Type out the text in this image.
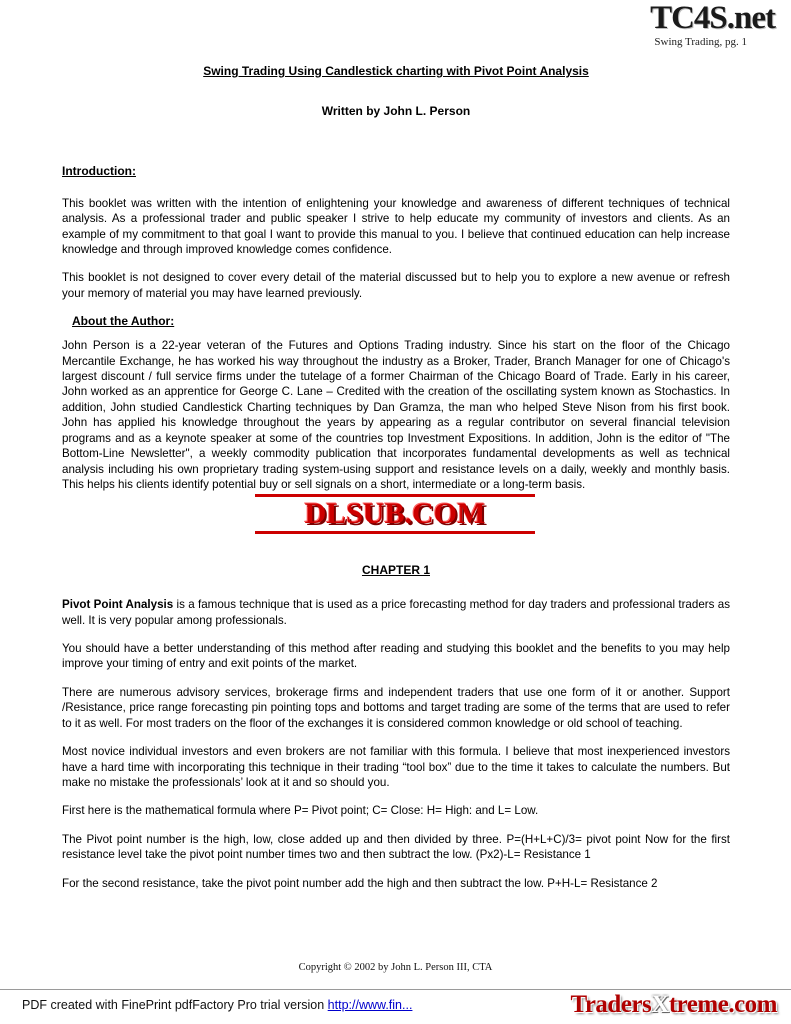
TC4S.net
Swing Trading, pg. 1
Swing Trading Using Candlestick charting with Pivot Point Analysis
Written by John L. Person
Introduction:

This booklet was written with the intention of enlightening your knowledge and awareness of different techniques of technical analysis. As a professional trader and public speaker I strive to help educate my community of investors and clients. As an example of my commitment to that goal I want to provide this manual to you. I believe that continued education can help increase knowledge and through improved knowledge comes confidence.

This booklet is not designed to cover every detail of the material discussed but to help you to explore a new avenue or refresh your memory of material you may have learned previously.

About the Author:

John Person is a 22-year veteran of the Futures and Options Trading industry. Since his start on the floor of the Chicago Mercantile Exchange, he has worked his way throughout the industry as a Broker, Trader, Branch Manager for one of Chicago's largest discount / full service firms under the tutelage of a former Chairman of the Chicago Board of Trade. Early in his career, John worked as an apprentice for George C. Lane – Credited with the creation of the oscillating system known as Stochastics. In addition, John studied Candlestick Charting techniques by Dan Gramza, the man who helped Steve Nison from his first book. John has applied his knowledge throughout the years by appearing as a regular contributor on several financial television programs and as a keynote speaker at some of the countries top Investment Expositions. In addition, John is the editor of "The Bottom-Line Newsletter", a weekly commodity publication that incorporates fundamental developments as well as technical analysis including his own proprietary trading system-using support and resistance levels on a daily, weekly and monthly basis. This helps his clients identify potential buy or sell signals on a short, intermediate or a long-term basis.

CHAPTER 1

Pivot Point Analysis is a famous technique that is used as a price forecasting method for day traders and professional traders as well. It is very popular among professionals.

You should have a better understanding of this method after reading and studying this booklet and the benefits to you may help improve your timing of entry and exit points of the market.

There are numerous advisory services, brokerage firms and independent traders that use one form of it or another. Support /Resistance, price range forecasting pin pointing tops and bottoms and target trading are some of the terms that are used to refer to it as well. For most traders on the floor of the exchanges it is considered common knowledge or old school of teaching.

Most novice individual investors and even brokers are not familiar with this formula. I believe that most inexperienced investors have a hard time with incorporating this technique in their trading “tool box” due to the time it takes to calculate the numbers. But make no mistake the professionals’ look at it and so should you.

First here is the mathematical formula where P= Pivot point; C= Close: H= High: and L= Low.

The Pivot point number is the high, low, close added up and then divided by three. P=(H+L+C)/3= pivot point Now for the first resistance level take the pivot point number times two and then subtract the low. (Px2)-L= Resistance 1

For the second resistance, take the pivot point number add the high and then subtract the low. P+H-L= Resistance 2

DLSUB.COM
Copyright © 2002 by John L. Person III, CTA
PDF created with FinePrint pdfFactory Pro trial version http://www.fin...	TradersXtreme.com
